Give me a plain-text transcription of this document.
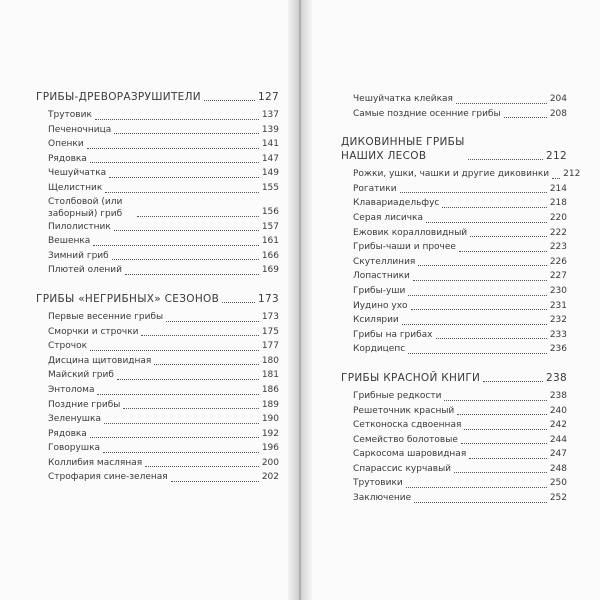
ГРИБЫ-ДРЕВОРАЗРУШИТЕЛИ	127
Трутовик	137
Печеночница	139
Опенки	141
Рядовка	147
Чешуйчатка	149
Щелистник	155
Столбовой (или заборный) гриб	156
Пилолистник	157
Вешенка	161
Зимний гриб	166
Плютей олений	169
ГРИБЫ «НЕГРИБНЫХ» СЕЗОНОВ	173
Первые весенние грибы	173
Сморчки и строчки	175
Строчок	177
Дисцина щитовидная	180
Майский гриб	181
Энтолома	186
Поздние грибы	189
Зеленушка	190
Рядовка	192
Говорушка	196
Коллибия масляная	200
Строфария сине-зеленая	202
Чешуйчатка клейкая	204
Самые поздние осенние грибы	208
ДИКОВИННЫЕ ГРИБЫ
НАШИХ ЛЕСОВ	212
Рожки, ушки, чашки и другие диковинки 212
Рогатики	214
Клавариадельфус	218
Серая лисичка	220
Ежовик коралловидный	222
Грибы-чаши и прочее	223
Скутеллиния	226
Лопастники	227
Грибы-уши	230
Иудино ухо	231
Ксилярии	232
Грибы на грибах	233
Кордицепс	236
ГРИБЫ КРАСНОЙ КНИГИ	238
Грибные редкости	238
Решеточник красный	240
Сетконоска сдвоенная	242
Семейство болотовые	244
Саркосома шаровидная	247
Спарассис курчавый	248
Трутовики	250
Заключение	252
